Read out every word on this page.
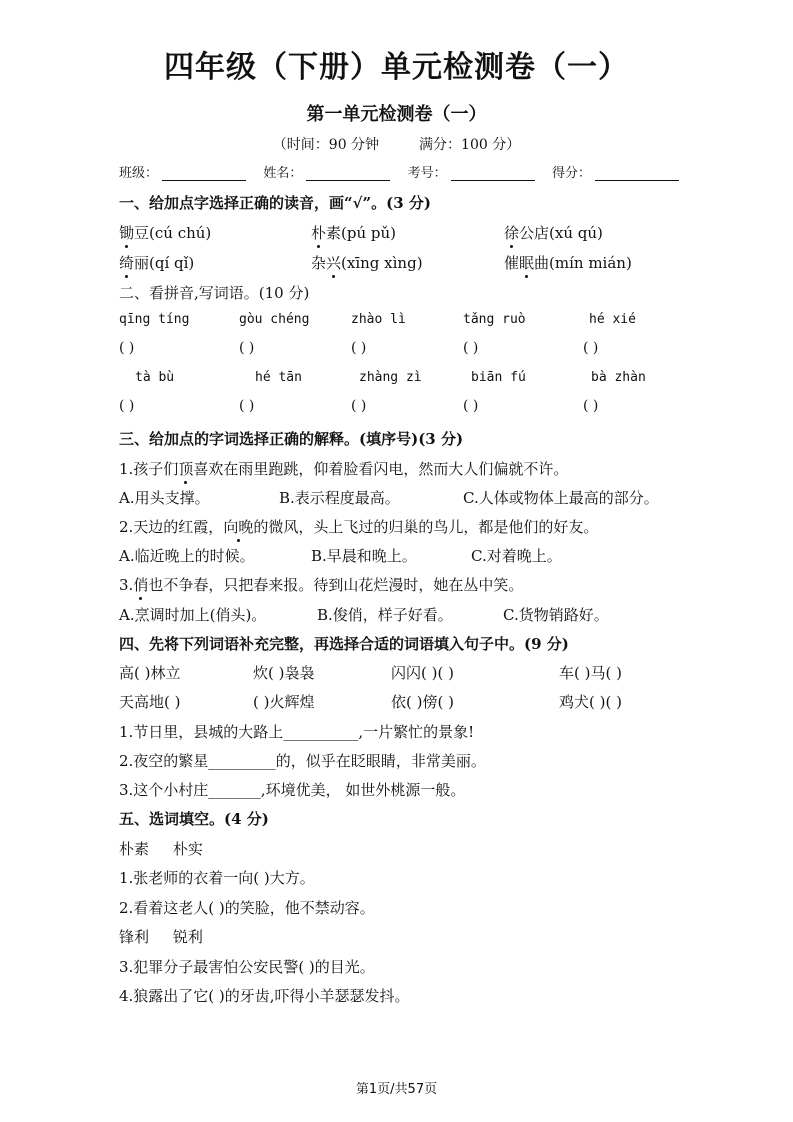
四年级（下册）单元检测卷（一）
第一单元检测卷（一）
（时间：90 分钟	满分：100 分）
班级：	姓名：	考号：	得分：
一、给加点字选择正确的读音，画“√”。(3 分)
锄豆(cú chú)	朴素(pú pǔ)	徐公店(xú qú)
绮丽(qí qǐ)	杂兴(xīng xìng)	催眠曲(mín mián)
二、看拼音,写词语。(10 分)
qīng tíng	gòu chéng	zhào lì	tǎng ruò	hé xié
( )	( )	( )	( )	( )
tà bù	hé tān	zhàng zì	biān fú	bà zhàn
( )	( )	( )	( )	( )
三、给加点的字词选择正确的解释。(填序号)(3 分)
1.孩子们顶喜欢在雨里跑跳，仰着脸看闪电，然而大人们偏就不许。
A.用头支撑。	B.表示程度最高。	C.人体或物体上最高的部分。
2.天边的红霞，向晚的微风，头上飞过的归巢的鸟儿，都是他们的好友。
A.临近晚上的时候。	B.早晨和晚上。	C.对着晚上。
3.俏也不争春，只把春来报。待到山花烂漫时，她在丛中笑。
A.烹调时加上(俏头)。	B.俊俏，样子好看。	C.货物销路好。
四、先将下列词语补充完整，再选择合适的词语填入句子中。(9 分)
高( )林立	炊( )袅袅	闪闪( )( )	车( )马( )
天高地( )	( )火辉煌	依( )傍( )	鸡犬( )( )
1.节日里，县城的大路上__________,一片繁忙的景象!
2.夜空的繁星_________的，似乎在眨眼睛，非常美丽。
3.这个小村庄_______,环境优美， 如世外桃源一般。
五、选词填空。(4 分)
朴素     朴实
1.张老师的衣着一向( )大方。
2.看着这老人( )的笑脸，他不禁动容。
锋利     锐利
3.犯罪分子最害怕公安民警( )的目光。
4.狼露出了它( )的牙齿,吓得小羊瑟瑟发抖。
第1页/共57页
